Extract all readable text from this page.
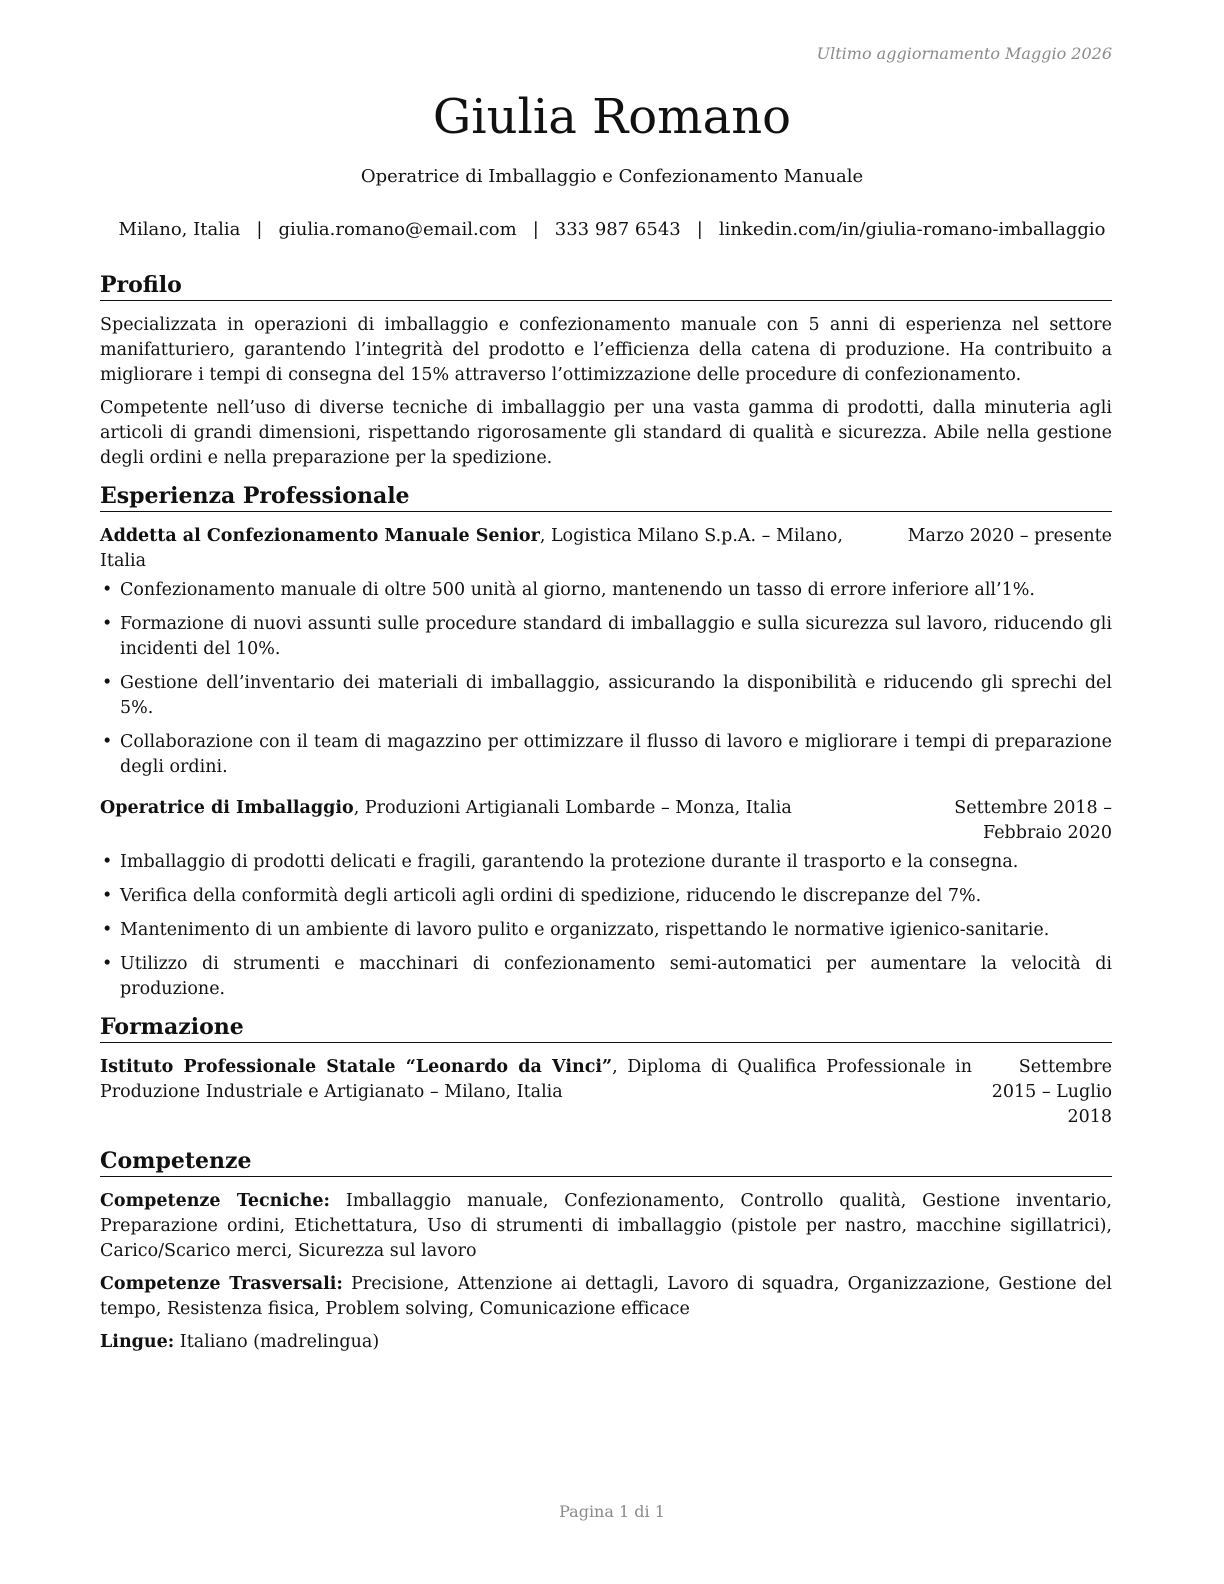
Ultimo aggiornamento Maggio 2026
Giulia Romano
Operatrice di Imballaggio e Confezionamento Manuale
Milano, Italia | giulia.romano@email.com | 333 987 6543 | linkedin.com/in/giulia-romano-imballaggio
Profilo

Specializzata in operazioni di imballaggio e confezionamento manuale con 5 anni di esperienza nel settore manifatturiero, garantendo l’integrità del prodotto e l’efficienza della catena di produzione. Ha contribuito a migliorare i tempi di consegna del 15% attraverso l’ottimizzazione delle procedure di confezionamento.

Competente nell’uso di diverse tecniche di imballaggio per una vasta gamma di prodotti, dalla minuteria agli articoli di grandi dimensioni, rispettando rigorosamente gli standard di qualità e sicurezza. Abile nella gestione degli ordini e nella preparazione per la spedizione.

Esperienza Professionale
Addetta al Confezionamento Manuale Senior, Logistica Milano S.p.A. – Milano, Italia
Marzo 2020 – presente
• Confezionamento manuale di oltre 500 unità al giorno, mantenendo un tasso di errore inferiore all’1%.
• Formazione di nuovi assunti sulle procedure standard di imballaggio e sulla sicurezza sul lavoro, riducendo gli incidenti del 10%.
• Gestione dell’inventario dei materiali di imballaggio, assicurando la disponibilità e riducendo gli sprechi del 5%.
• Collaborazione con il team di magazzino per ottimizzare il flusso di lavoro e migliorare i tempi di preparazione degli ordini.
Operatrice di Imballaggio, Produzioni Artigianali Lombarde – Monza, Italia	Settembre 2018 – Febbraio 2020
• Imballaggio di prodotti delicati e fragili, garantendo la protezione durante il trasporto e la consegna.
• Verifica della conformità degli articoli agli ordini di spedizione, riducendo le discrepanze del 7%.
• Mantenimento di un ambiente di lavoro pulito e organizzato, rispettando le normative igienico-sanitarie.
• Utilizzo di strumenti e macchinari di confezionamento semi-automatici per aumentare la velocità di produzione.
Formazione
Istituto Professionale Statale “Leonardo da Vinci”, Diploma di Qualifica Professionale in Produzione Industriale e Artigianato – Milano, Italia
Settembre 2015 – Luglio 2018
Competenze

Competenze Tecniche: Imballaggio manuale, Confezionamento, Controllo qualità, Gestione inventario, Preparazione ordini, Etichettatura, Uso di strumenti di imballaggio (pistole per nastro, macchine sigillatrici), Carico/Scarico merci, Sicurezza sul lavoro

Competenze Trasversali: Precisione, Attenzione ai dettagli, Lavoro di squadra, Organizzazione, Gestione del tempo, Resistenza fisica, Problem solving, Comunicazione efficace

Lingue: Italiano (madrelingua)

Pagina 1 di 1
